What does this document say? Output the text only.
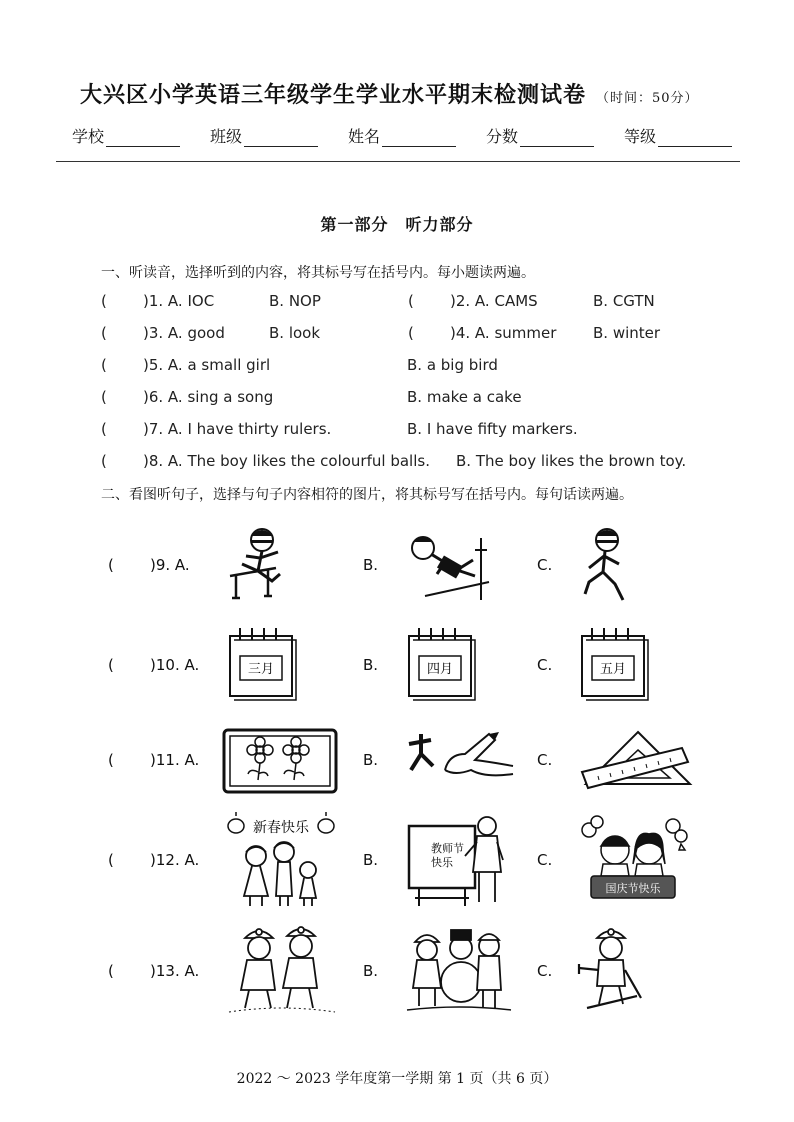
大兴区小学英语三年级学生学业水平期末检测试卷 （时间：50分）
学校	班级	姓名	分数	等级
第一部分　听力部分
一、听读音，选择听到的内容，将其标号写在括号内。每小题读两遍。
( )1. A. IOC	B. NOP	( )2. A. CAMS	B. CGTN
( )3. A. good	B. look	( )4. A. summer B. winter
( )5. A. a small girl	B. a big bird
( )6. A. sing a song	B. make a cake
( )7. A. I have thirty rulers.	B. I have fifty markers.
( )8. A. The boy likes the colourful balls. B. The boy likes the brown toy.
二、看图听句子，选择与句子内容相符的图片，将其标号写在括号内。每句话读两遍。
( )9. A.	B.	C.
( )10. A.	三月	B.	四月	C.	五月
( )11. A.	B.	C.
( )12. A.
新春快乐
B.
教师节
快乐	C.
国庆节快乐
( )13. A.	B.	C.
2022 ～ 2023 学年度第一学期 第 1 页（共 6 页）
